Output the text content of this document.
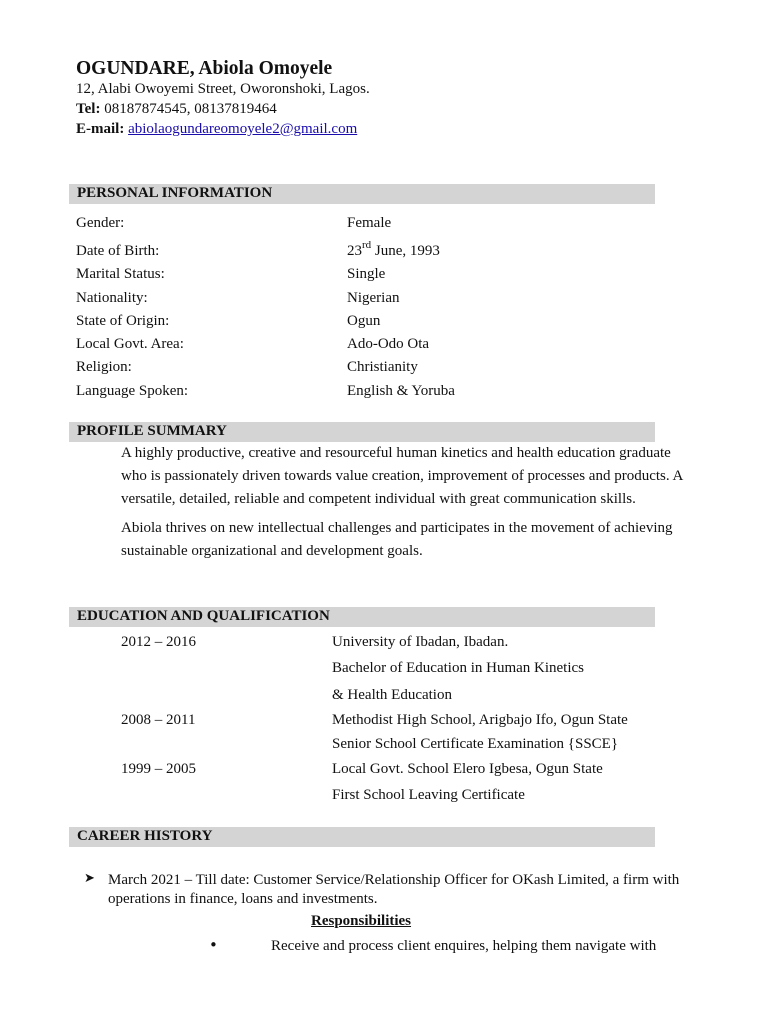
OGUNDARE, Abiola Omoyele
12, Alabi Owoyemi Street, Oworonshoki, Lagos.
Tel: 08187874545, 08137819464
E-mail: abiolaogundareomoyele2@gmail.com
PERSONAL INFORMATION
Gender:	Female
Date of Birth:	23rd June, 1993
Marital Status:	Single
Nationality:	Nigerian
State of Origin:	Ogun
Local Govt. Area:	Ado-Odo Ota
Religion:	Christianity
Language Spoken:	English & Yoruba
PROFILE SUMMARY

A highly productive, creative and resourceful human kinetics and health education graduate who is passionately driven towards value creation, improvement of processes and products. A versatile, detailed, reliable and competent individual with great communication skills.

Abiola thrives on new intellectual challenges and participates in the movement of achieving sustainable organizational and development goals.

EDUCATION AND QUALIFICATION
2012 – 2016	University of Ibadan, Ibadan.
Bachelor of Education in Human Kinetics
& Health Education
2008 – 2011	Methodist High School, Arigbajo Ifo, Ogun State
Senior School Certificate Examination {SSCE}
1999 – 2005	Local Govt. School Elero Igbesa, Ogun State
First School Leaving Certificate
CAREER HISTORY
➤ March 2021 – Till date: Customer Service/Relationship Officer for OKash Limited, a firm with operations in finance, loans and investments.
Responsibilities
•	Receive and process client enquires, helping them navigate with
